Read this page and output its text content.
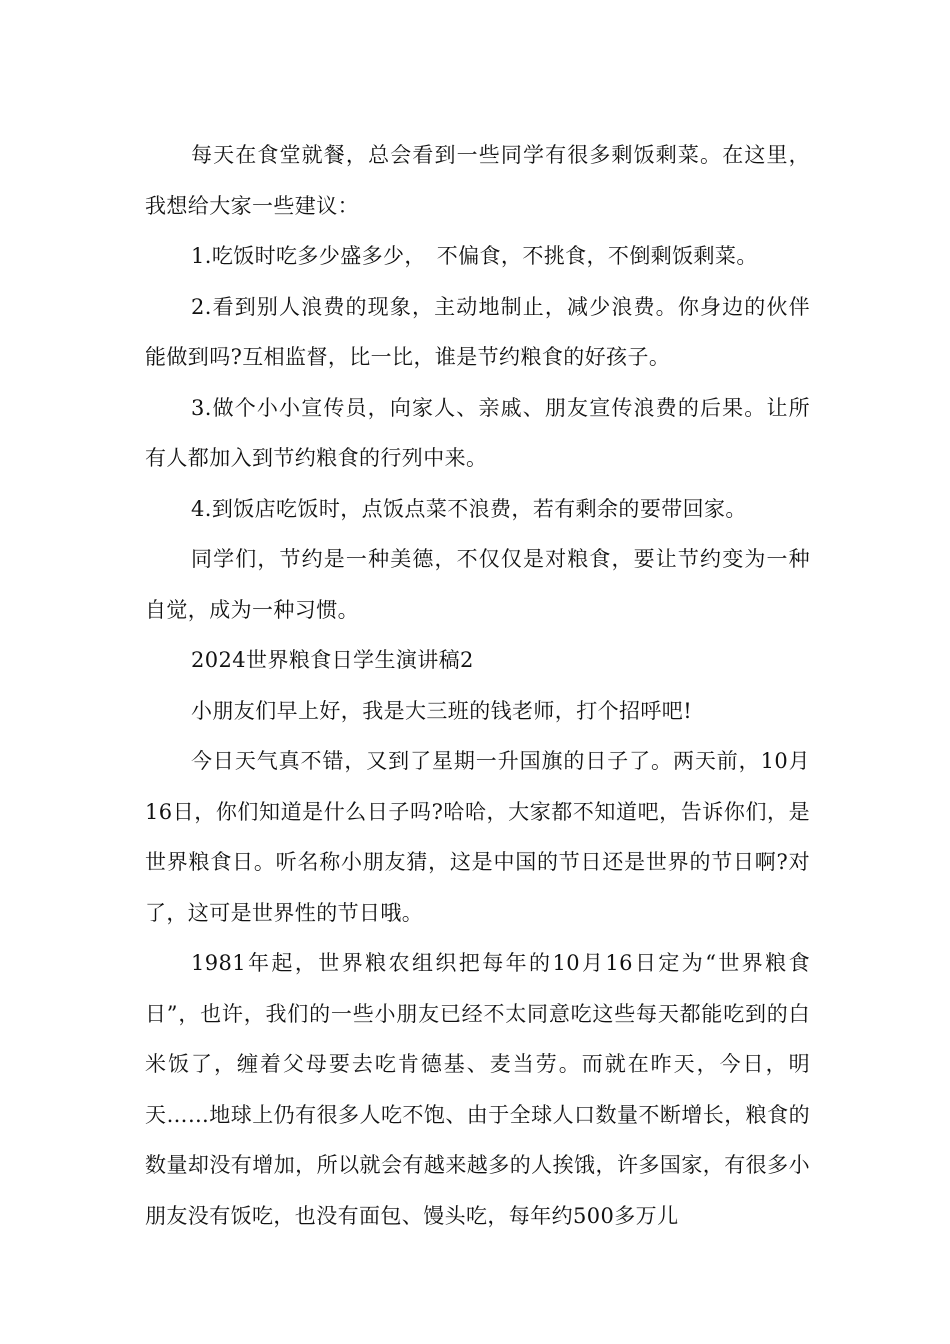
每天在食堂就餐，总会看到一些同学有很多剩饭剩菜。在这里，我想给大家一些建议：

1.吃饭时吃多少盛多少，　不偏食，不挑食，不倒剩饭剩菜。

2.看到别人浪费的现象，主动地制止，减少浪费。你身边的伙伴能做到吗?互相监督，比一比，谁是节约粮食的好孩子。

3.做个小小宣传员，向家人、亲戚、朋友宣传浪费的后果。让所有人都加入到节约粮食的行列中来。

4.到饭店吃饭时，点饭点菜不浪费，若有剩余的要带回家。

同学们，节约是一种美德，不仅仅是对粮食，要让节约变为一种自觉，成为一种习惯。

2024世界粮食日学生演讲稿2

小朋友们早上好，我是大三班的钱老师，打个招呼吧!

今日天气真不错，又到了星期一升国旗的日子了。两天前，10月16日，你们知道是什么日子吗?哈哈，大家都不知道吧，告诉你们，是世界粮食日。听名称小朋友猜，这是中国的节日还是世界的节日啊?对了，这可是世界性的节日哦。

1981年起，世界粮农组织把每年的10月16日定为“世界粮食日”，也许，我们的一些小朋友已经不太同意吃这些每天都能吃到的白米饭了，缠着父母要去吃肯德基、麦当劳。而就在昨天，今日，明天……地球上仍有很多人吃不饱、由于全球人口数量不断增长，粮食的数量却没有增加，所以就会有越来越多的人挨饿，许多国家，有很多小朋友没有饭吃，也没有面包、馒头吃，每年约500多万儿
